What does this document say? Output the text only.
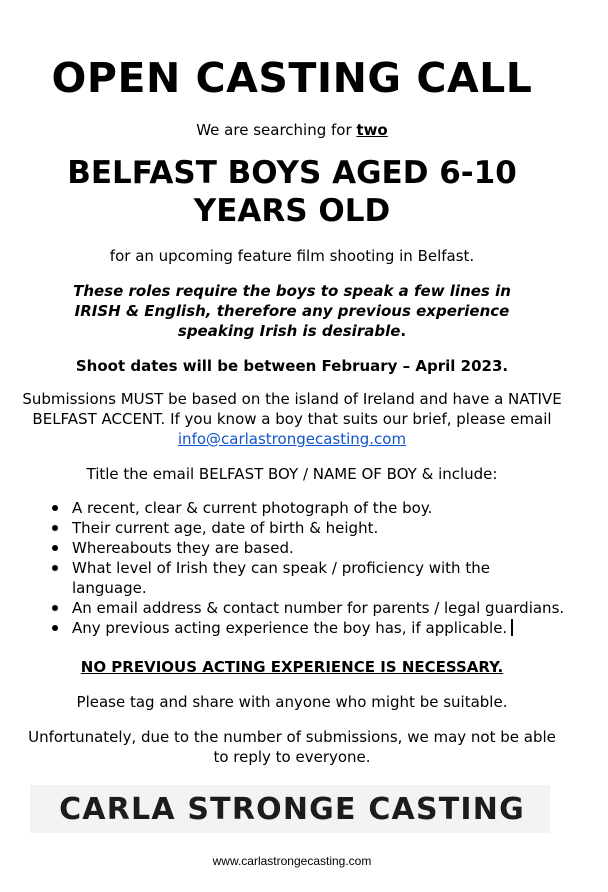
OPEN CASTING CALL
We are searching for two
BELFAST BOYS AGED 6-10 YEARS OLD
for an upcoming feature film shooting in Belfast.
These roles require the boys to speak a few lines in IRISH & English, therefore any previous experience speaking Irish is desirable.
Shoot dates will be between February – April 2023.
Submissions MUST be based on the island of Ireland and have a NATIVE BELFAST ACCENT. If you know a boy that suits our brief, please email info@carlastrongecasting.com
Title the email BELFAST BOY / NAME OF BOY & include:
A recent, clear & current photograph of the boy.
Their current age, date of birth & height.
Whereabouts they are based.
What level of Irish they can speak / proficiency with the language.
An email address & contact number for parents / legal guardians.
Any previous acting experience the boy has, if applicable.
NO PREVIOUS ACTING EXPERIENCE IS NECESSARY.
Please tag and share with anyone who might be suitable.
Unfortunately, due to the number of submissions, we may not be able to reply to everyone.
CARLA STRONGE CASTING
www.carlastrongecasting.com
